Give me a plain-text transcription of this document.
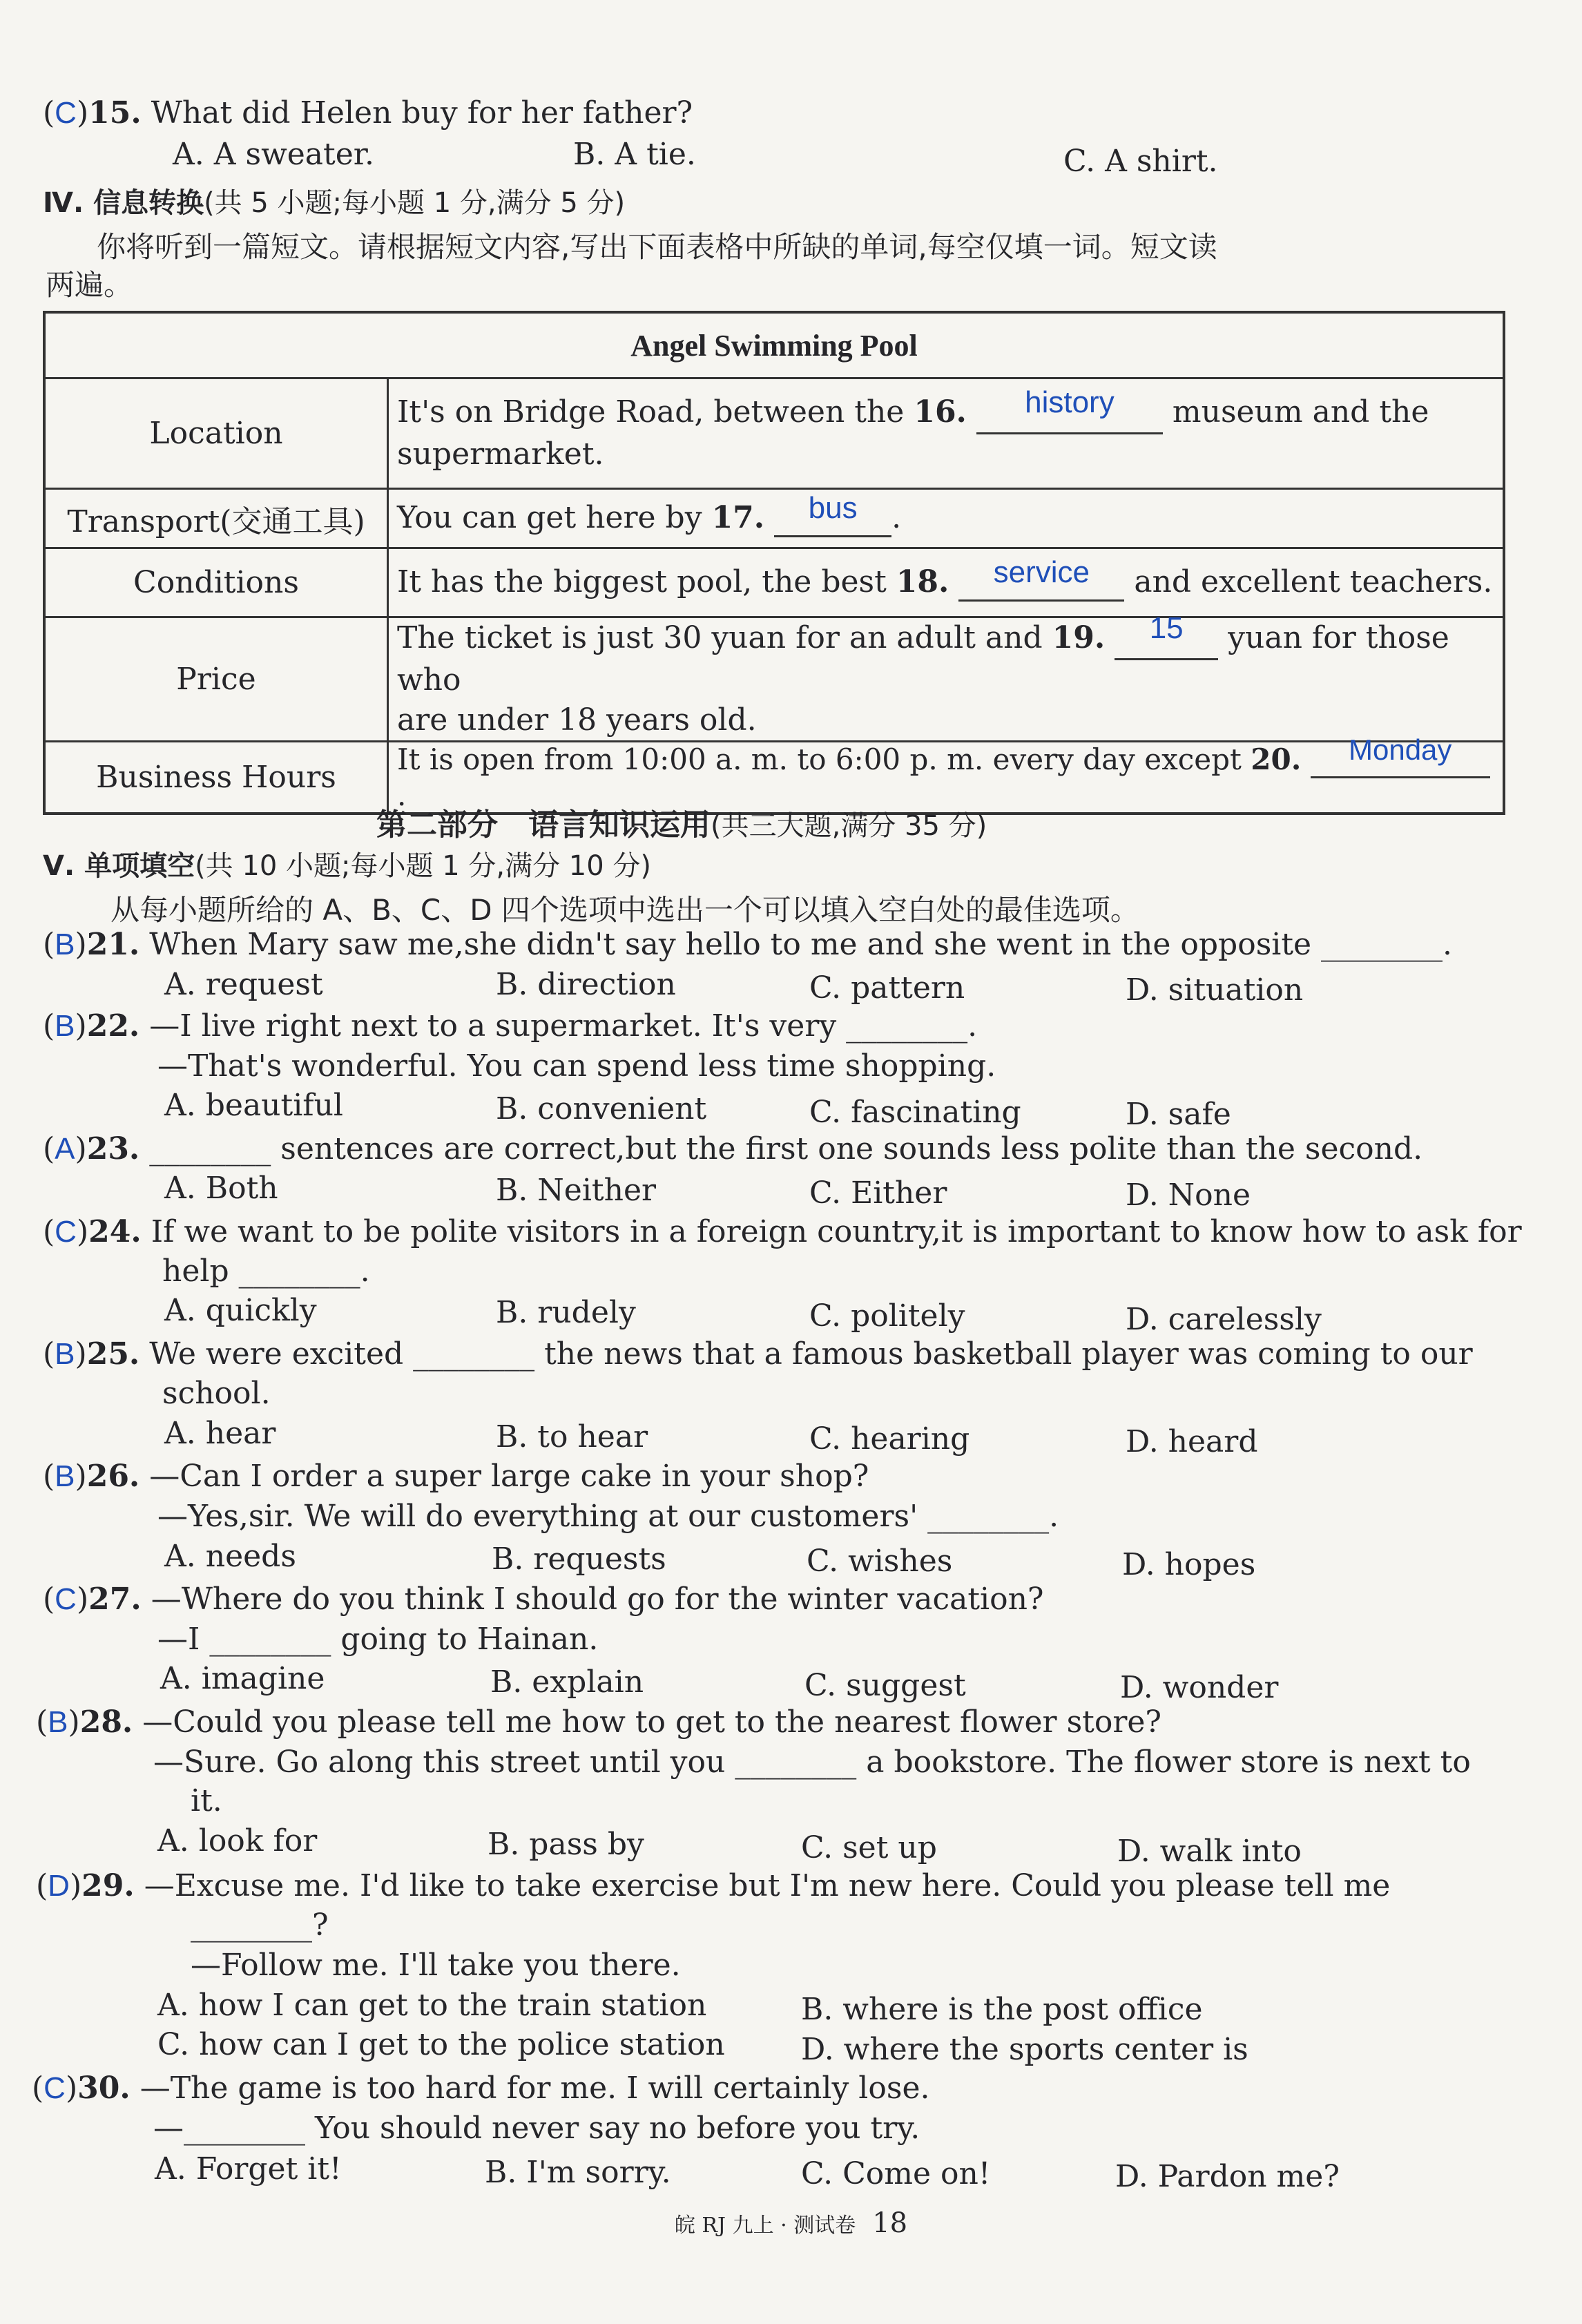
(C)15. What did Helen buy for her father?
A. A sweater.	B. A tie.	C. A shirt.
Ⅳ. 信息转换(共 5 小题;每小题 1 分,满分 5 分)
你将听到一篇短文。请根据短文内容,写出下面表格中所缺的单词,每空仅填一词。短文读
两遍。
Angel Swimming Pool	
Location	It's on Bridge Road, between the 16. history museum and the
supermarket.
Transport(交通工具)	You can get here by 17. bus .
Conditions	It has the biggest pool, the best 18. service and excellent teachers.
Price	The ticket is just 30 yuan for an adult and 19. 15 yuan for those who
are under 18 years old.
Business Hours	It is open from 10:00 a. m. to 6:00 p. m. every day except 20. Monday.
第二部分　语言知识运用(共三大题,满分 35 分)
Ⅴ. 单项填空(共 10 小题;每小题 1 分,满分 10 分)
从每小题所给的 A、B、C、D 四个选项中选出一个可以填入空白处的最佳选项。
(B)21. When Mary saw me,she didn't say hello to me and she went in the opposite ________.
A. request	B. direction	C. pattern	D. situation
(B)22. —I live right next to a supermarket. It's very ________.
—That's wonderful. You can spend less time shopping.
A. beautiful	B. convenient	C. fascinating	D. safe
(A)23. ________ sentences are correct,but the first one sounds less polite than the second.
A. Both	B. Neither	C. Either	D. None
(C)24. If we want to be polite visitors in a foreign country,it is important to know how to ask for
help ________.
A. quickly	B. rudely	C. politely	D. carelessly
(B)25. We were excited ________ the news that a famous basketball player was coming to our
school.
A. hear	B. to hear	C. hearing	D. heard
(B)26. —Can I order a super large cake in your shop?
—Yes,sir. We will do everything at our customers' ________.
A. needs	B. requests	C. wishes	D. hopes
(C)27. —Where do you think I should go for the winter vacation?
—I ________ going to Hainan.
A. imagine	B. explain	C. suggest	D. wonder
(B)28. —Could you please tell me how to get to the nearest flower store?
—Sure. Go along this street until you ________ a bookstore. The flower store is next to
it.
A. look for	B. pass by	C. set up	D. walk into
(D)29. —Excuse me. I'd like to take exercise but I'm new here. Could you please tell me
________?
—Follow me. I'll take you there.
A. how I can get to the train station	B. where is the post office
C. how can I get to the police station	D. where the sports center is
(C)30. —The game is too hard for me. I will certainly lose.
—________ You should never say no before you try.
A. Forget it!	B. I'm sorry.	C. Come on!	D. Pardon me?
皖 RJ 九上 · 测试卷 18
